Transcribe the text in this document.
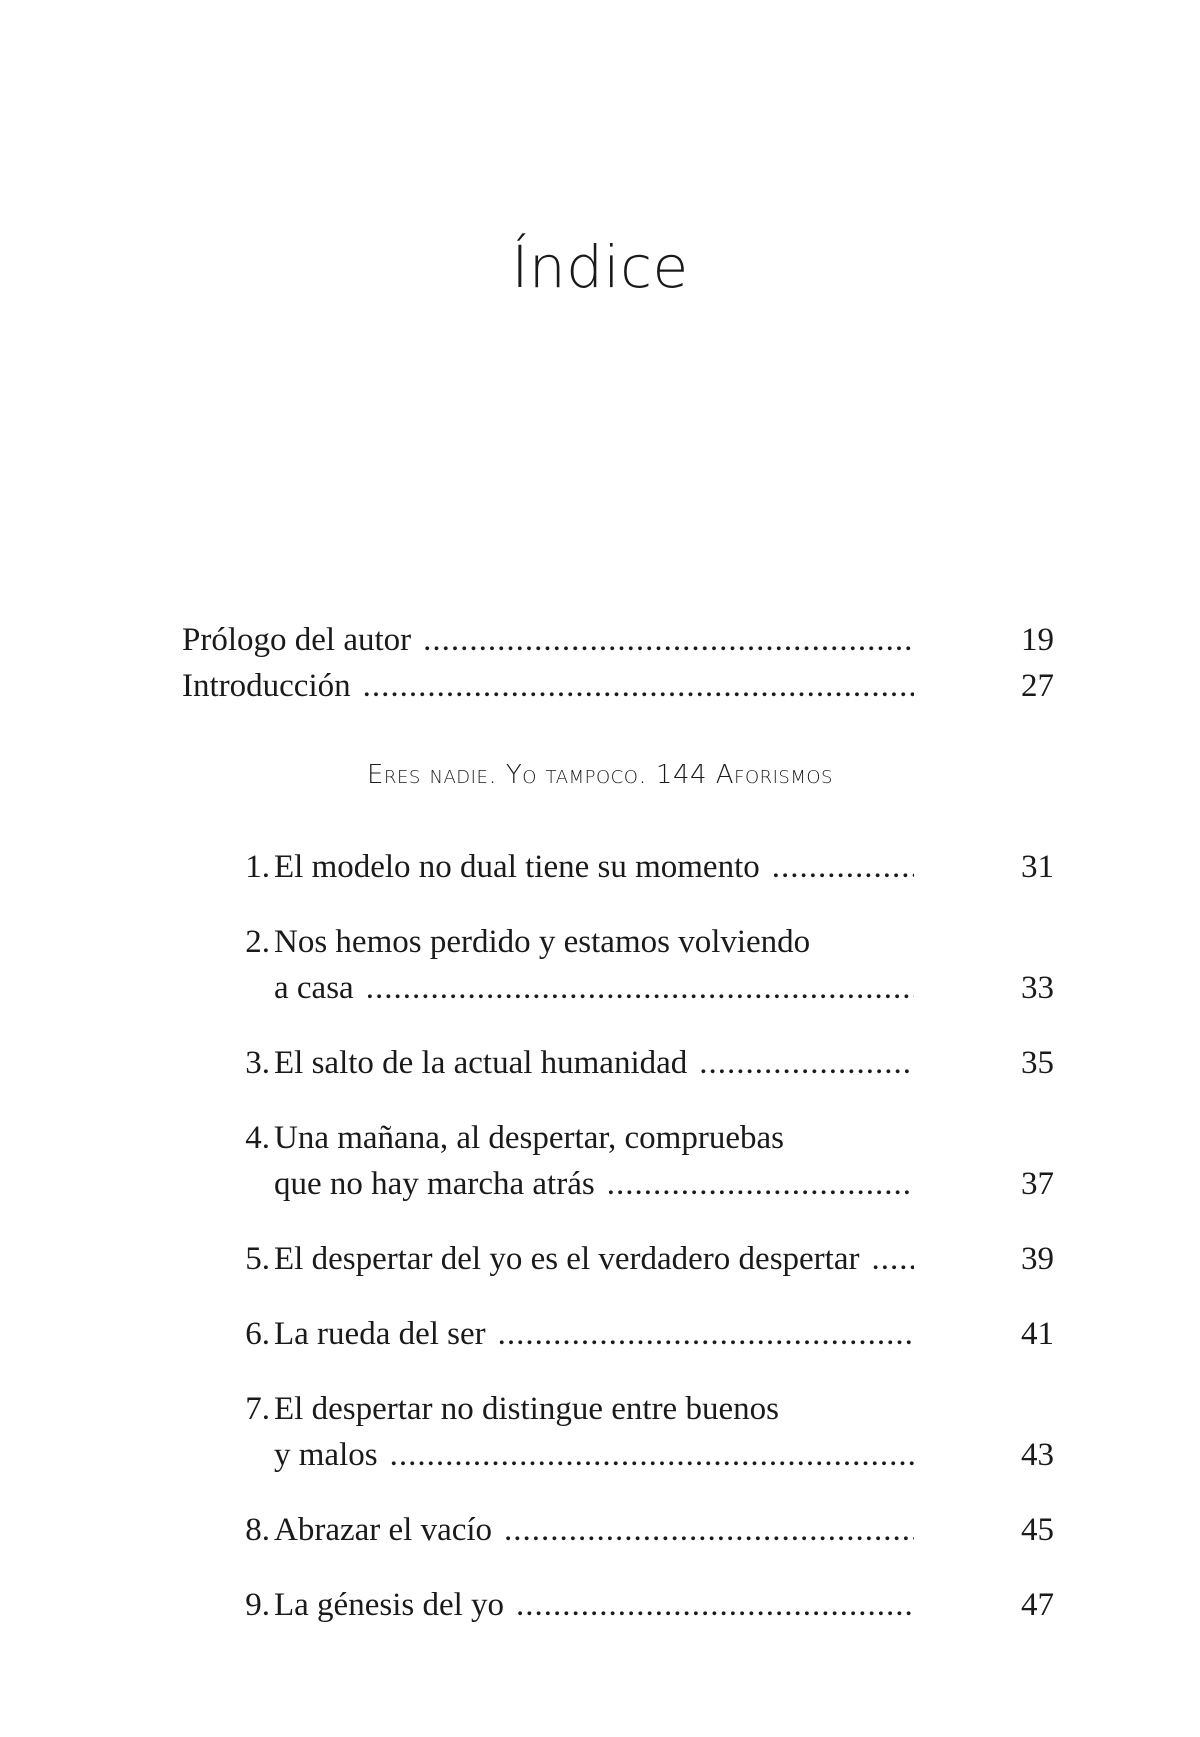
Índice
Prólogo del autor .....	19
Introducción .....	27
Eres nadie. Yo tampoco. 144 Aforismos
1. El modelo no dual tiene su momento .....	31
2. Nos hemos perdido y estamos volviendo
a casa .....	33
3. El salto de la actual humanidad .....	35
4. Una mañana, al despertar, compruebas
que no hay marcha atrás .....	37
5. El despertar del yo es el verdadero despertar .....	39
6. La rueda del ser .....	41
7. El despertar no distingue entre buenos
y malos .....	43
8. Abrazar el vacío .....	45
9. La génesis del yo .....	47
